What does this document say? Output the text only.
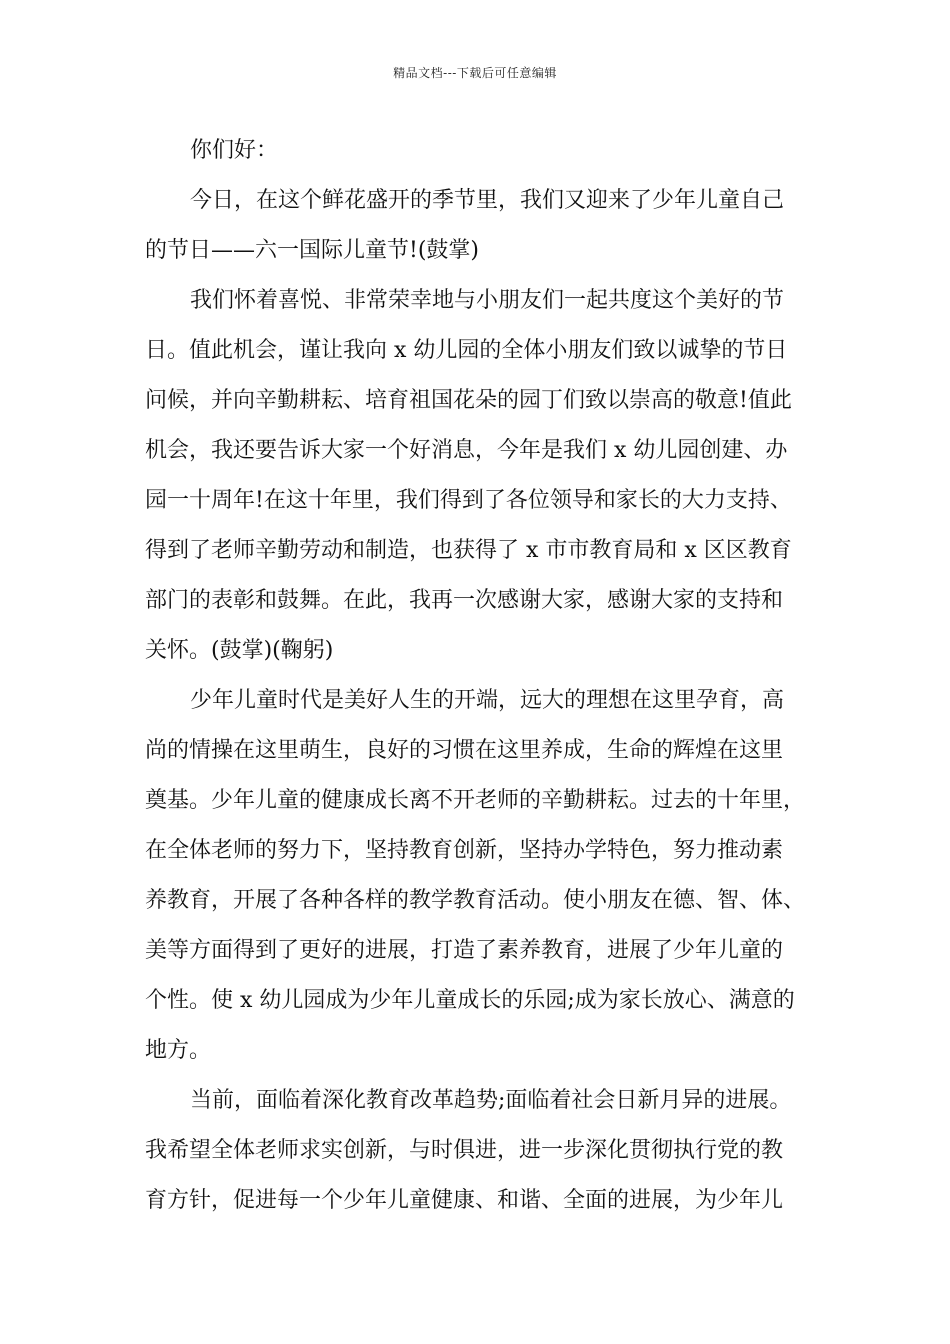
精品文档---下载后可任意编辑
你们好：
今日，在这个鲜花盛开的季节里，我们又迎来了少年儿童自己
的节日——六一国际儿童节!(鼓掌)
我们怀着喜悦、非常荣幸地与小朋友们一起共度这个美好的节
日。值此机会，谨让我向 x 幼儿园的全体小朋友们致以诚挚的节日
问候，并向辛勤耕耘、培育祖国花朵的园丁们致以崇高的敬意!值此
机会，我还要告诉大家一个好消息，今年是我们 x 幼儿园创建、办
园一十周年!在这十年里，我们得到了各位领导和家长的大力支持、
得到了老师辛勤劳动和制造，也获得了 x 市市教育局和 x 区区教育
部门的表彰和鼓舞。在此，我再一次感谢大家，感谢大家的支持和
关怀。(鼓掌)(鞠躬)
少年儿童时代是美好人生的开端，远大的理想在这里孕育，高
尚的情操在这里萌生，良好的习惯在这里养成，生命的辉煌在这里
奠基。少年儿童的健康成长离不开老师的辛勤耕耘。过去的十年里，
在全体老师的努力下，坚持教育创新，坚持办学特色，努力推动素
养教育，开展了各种各样的教学教育活动。使小朋友在德、智、体、
美等方面得到了更好的进展，打造了素养教育，进展了少年儿童的
个性。使 x 幼儿园成为少年儿童成长的乐园;成为家长放心、满意的
地方。
当前，面临着深化教育改革趋势;面临着社会日新月异的进展。
我希望全体老师求实创新，与时俱进，进一步深化贯彻执行党的教
育方针，促进每一个少年儿童健康、和谐、全面的进展，为少年儿
